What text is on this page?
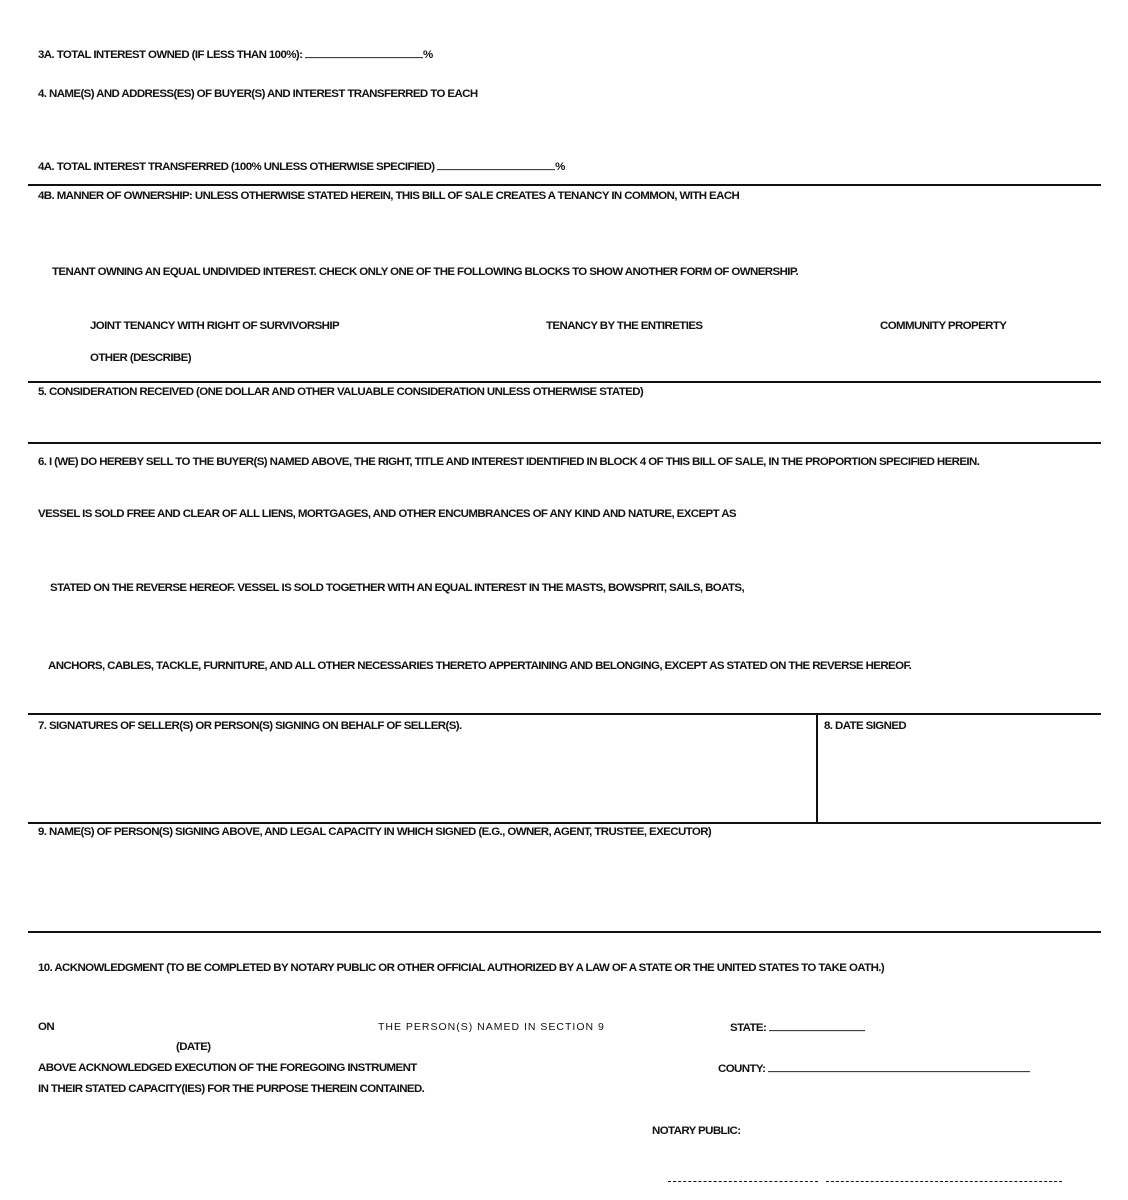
3A. TOTAL INTEREST OWNED (IF LESS THAN 100%):	%
4. NAME(S) AND ADDRESS(ES) OF BUYER(S) AND INTEREST TRANSFERRED TO EACH
4A. TOTAL INTEREST TRANSFERRED (100% UNLESS OTHERWISE SPECIFIED)	%
4B. MANNER OF OWNERSHIP: UNLESS OTHERWISE STATED HEREIN, THIS BILL OF SALE CREATES A TENANCY IN COMMON, WITH EACH
TENANT OWNING AN EQUAL UNDIVIDED INTEREST. CHECK ONLY ONE OF THE FOLLOWING BLOCKS TO SHOW ANOTHER FORM OF OWNERSHIP.
JOINT TENANCY WITH RIGHT OF SURVIVORSHIP	TENANCY BY THE ENTIRETIES	COMMUNITY PROPERTY
OTHER (DESCRIBE)
5. CONSIDERATION RECEIVED (ONE DOLLAR AND OTHER VALUABLE CONSIDERATION UNLESS OTHERWISE STATED)
6. I (WE) DO HEREBY SELL TO THE BUYER(S) NAMED ABOVE, THE RIGHT, TITLE AND INTEREST IDENTIFIED IN BLOCK 4 OF THIS BILL OF SALE, IN THE PROPORTION SPECIFIED HEREIN.
VESSEL IS SOLD FREE AND CLEAR OF ALL LIENS, MORTGAGES, AND OTHER ENCUMBRANCES OF ANY KIND AND NATURE, EXCEPT AS
STATED ON THE REVERSE HEREOF. VESSEL IS SOLD TOGETHER WITH AN EQUAL INTEREST IN THE MASTS, BOWSPRIT, SAILS, BOATS,
ANCHORS, CABLES, TACKLE, FURNITURE, AND ALL OTHER NECESSARIES THERETO APPERTAINING AND BELONGING, EXCEPT AS STATED ON THE REVERSE HEREOF.
7. SIGNATURES OF SELLER(S) OR PERSON(S) SIGNING ON BEHALF OF SELLER(S).	8. DATE SIGNED
9. NAME(S) OF PERSON(S) SIGNING ABOVE, AND LEGAL CAPACITY IN WHICH SIGNED (E.G., OWNER, AGENT, TRUSTEE, EXECUTOR)
10. ACKNOWLEDGMENT (TO BE COMPLETED BY NOTARY PUBLIC OR OTHER OFFICIAL AUTHORIZED BY A LAW OF A STATE OR THE UNITED STATES TO TAKE OATH.)
ON	THE PERSON(S) NAMED IN SECTION 9	STATE:
(DATE)
ABOVE ACKNOWLEDGED EXECUTION OF THE FOREGOING INSTRUMENT	COUNTY:
IN THEIR STATED CAPACITY(IES) FOR THE PURPOSE THEREIN CONTAINED.
NOTARY PUBLIC:
